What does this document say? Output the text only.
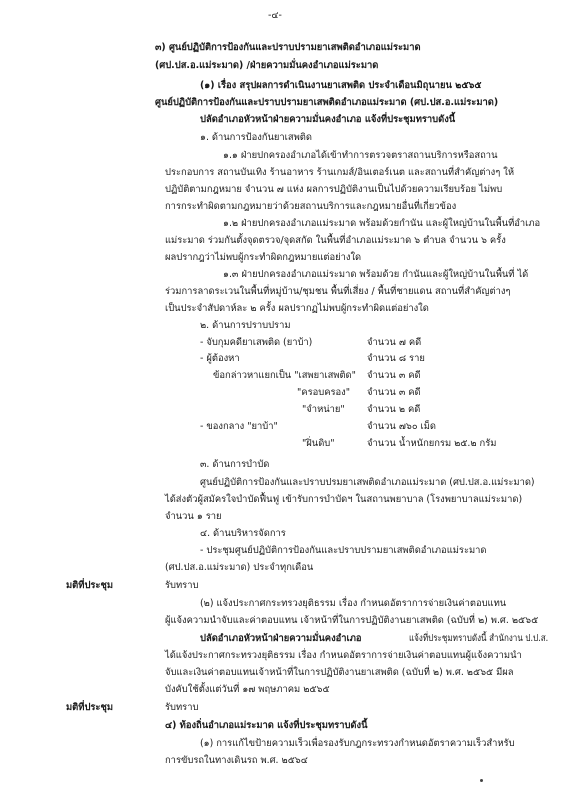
-๔-
๓) ศูนย์ปฏิบัติการป้องกันและปราบปรามยาเสพติดอำเภอแม่ระมาด
(ศป.ปส.อ.แม่ระมาด) /ฝ่ายความมั่นคงอำเภอแม่ระมาด
(๑) เรื่อง สรุปผลการดำเนินงานยาเสพติด ประจำเดือนมิถุนายน ๒๕๖๕
ศูนย์ปฏิบัติการป้องกันและปราบปรามยาเสพติดอำเภอแม่ระมาด (ศป.ปส.อ.แม่ระมาด)
ปลัดอำเภอหัวหน้าฝ่ายความมั่นคงอำเภอ แจ้งที่ประชุมทราบดังนี้
๑. ด้านการป้องกันยาเสพติด
๑.๑ ฝ่ายปกครองอำเภอได้เข้าทำการตรวจตราสถานบริการหรือสถาน
ประกอบการ สถานบันเทิง ร้านอาหาร ร้านเกมส์/อินเตอร์เนต และสถานที่สำคัญต่างๆ ให้
ปฏิบัติตามกฎหมาย จำนวน ๗ แห่ง ผลการปฏิบัติงานเป็นไปด้วยความเรียบร้อย ไม่พบ
การกระทำผิดตามกฎหมายว่าด้วยสถานบริการและกฎหมายอื่นที่เกี่ยวข้อง
๑.๒ ฝ่ายปกครองอำเภอแม่ระมาด พร้อมด้วยกำนัน และผู้ใหญ่บ้านในพื้นที่อำเภอ
แม่ระมาด ร่วมกันตั้งจุดตรวจ/จุดสกัด ในพื้นที่อำเภอแม่ระมาด ๖ ตำบล จำนวน ๖ ครั้ง
ผลปรากฎว่าไม่พบผู้กระทำผิดกฎหมายแต่อย่างใด
๑.๓ ฝ่ายปกครองอำเภอแม่ระมาด พร้อมด้วย กำนันและผู้ใหญ่บ้านในพื้นที่ ได้
ร่วมการลาดระเวนในพื้นที่หมู่บ้าน/ชุมชน พื้นที่เสี่ยง / พื้นที่ชายแดน สถานที่สำคัญต่างๆ
เป็นประจำสัปดาห์ละ ๒ ครั้ง ผลปรากฏไม่พบผู้กระทำผิดแต่อย่างใด
๒. ด้านการปราบปราม
- จับกุมคดียาเสพติด (ยาบ้า)	จำนวน ๗ คดี
- ผู้ต้องหา	จำนวน ๘ ราย
ข้อกล่าวหาแยกเป็น "เสพยาเสพติด" จำนวน ๓ คดี
"ครอบครอง" จำนวน ๓ คดี
"จำหน่าย" จำนวน ๒ คดี
- ของกลาง "ยาบ้า"	จำนวน ๗๖๐ เม็ด
"ฝิ่นดิบ"	จำนวน น้ำหนักยกรม ๒๕.๒ กรัม
๓. ด้านการบำบัด
ศูนย์ปฏิบัติการป้องกันและปราบปรมยาเสพติดอำเภอแม่ระมาด (ศป.ปส.อ.แม่ระมาด)
ได้ส่งตัวผู้สมัครใจบำบัดฟื้นฟู เข้ารับการบำบัดฯ ในสถานพยาบาล (โรงพยาบาลแม่ระมาด)
จำนวน ๑ ราย
๔. ด้านบริหารจัดการ
- ประชุมศูนย์ปฏิบัติการป้องกันและปราบปรามยาเสพติดอำเภอแม่ระมาด
(ศป.ปส.อ.แม่ระมาด) ประจำทุกเดือน
มติที่ประชุม	รับทราบ
(๒) แจ้งประกาศกระทรวงยุติธรรม เรื่อง กำหนดอัตราการจ่ายเงินค่าตอบแทน
ผู้แจ้งความนำจับและค่าตอบแทน เจ้าหน้าที่ในการปฏิบัติงานยาเสพติด (ฉบับที่ ๒) พ.ศ. ๒๕๖๕
ปลัดอำเภอหัวหน้าฝ่ายความมั่นคงอำเภอ	แจ้งที่ประชุมทราบดังนี้ สำนักงาน ป.ป.ส.
ได้แจ้งประกาศกระทรวงยุติธรรม เรื่อง กำหนดอัตราการจ่ายเงินค่าตอบแทนผู้แจ้งความนำ
จับและเงินค่าตอบแทนเจ้าหน้าที่ในการปฏิบัติงานยาเสพติด (ฉบับที่ ๒) พ.ศ. ๒๕๖๕ มีผล
บังคับใช้ตั้งแต่วันที่ ๑๗ พฤษภาคม ๒๕๖๕
มติที่ประชุม	รับทราบ
๔) ท้องถิ่นอำเภอแม่ระมาด แจ้งที่ประชุมทราบดังนี้
(๑) การแก้ไขป้ายความเร็วเพื่อรองรับกฎกระทรวงกำหนดอัตราความเร็วสำหรับ
การขับรถในทางเดินรถ พ.ศ. ๒๕๖๔
